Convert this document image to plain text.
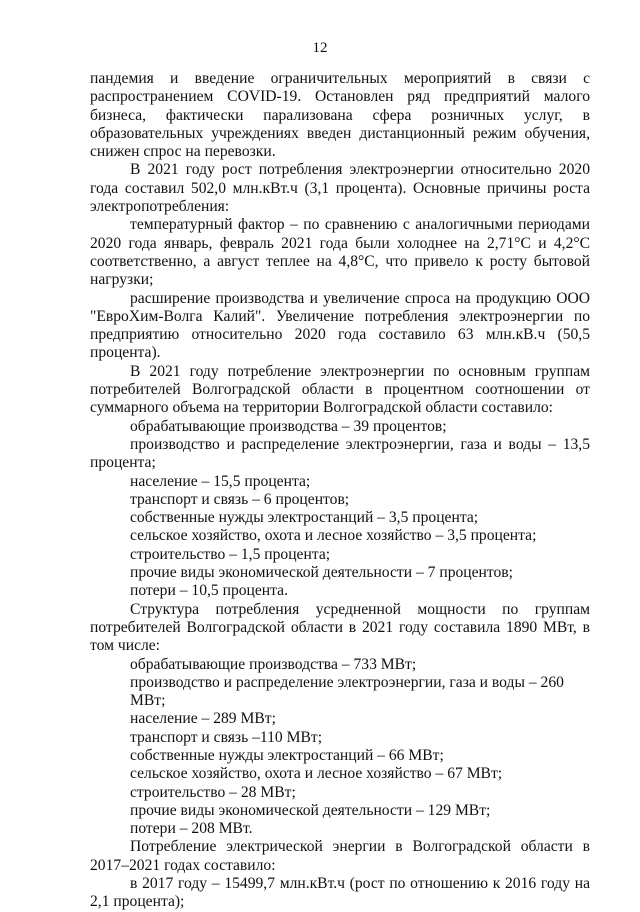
12

пандемия и введение ограничительных мероприятий в связи с распространением COVID-19. Остановлен ряд предприятий малого бизнеса, фактически парализована сфера розничных услуг, в образовательных учреждениях введен дистанционный режим обучения, снижен спрос на перевозки.

В 2021 году рост потребления электроэнергии относительно 2020 года составил 502,0 млн.кВт.ч (3,1 процента). Основные причины роста электропотребления:

температурный фактор – по сравнению с аналогичными периодами 2020 года январь, февраль 2021 года были холоднее на 2,71°С и 4,2°С соответственно, а август теплее на 4,8°С, что привело к росту бытовой нагрузки;

расширение производства и увеличение спроса на продукцию ООО "ЕвроХим-Волга Калий". Увеличение потребления электроэнергии по предприятию относительно 2020 года составило 63 млн.кВ.ч (50,5 процента).

В 2021 году потребление электроэнергии по основным группам потребителей Волгоградской области в процентном соотношении от суммарного объема на территории Волгоградской области составило:

обрабатывающие производства – 39 процентов;

производство и распределение электроэнергии, газа и воды – 13,5 процента;

население – 15,5 процента;

транспорт и связь – 6 процентов;

собственные нужды электростанций – 3,5 процента;

сельское хозяйство, охота и лесное хозяйство – 3,5 процента;

строительство – 1,5 процента;

прочие виды экономической деятельности – 7 процентов;

потери – 10,5 процента.

Структура потребления усредненной мощности по группам потребителей Волгоградской области в 2021 году составила 1890 МВт, в том числе:

обрабатывающие производства – 733 МВт;

производство и распределение электроэнергии, газа и воды – 260 МВт;

население – 289 МВт;

транспорт и связь –110 МВт;

собственные нужды электростанций – 66 МВт;

сельское хозяйство, охота и лесное хозяйство – 67 МВт;

строительство – 28 МВт;

прочие виды экономической деятельности – 129 МВт;

потери – 208 МВт.

Потребление электрической энергии в Волгоградской области в 2017–2021 годах составило:

в 2017 году – 15499,7 млн.кВт.ч (рост по отношению к 2016 году на 2,1 процента);
